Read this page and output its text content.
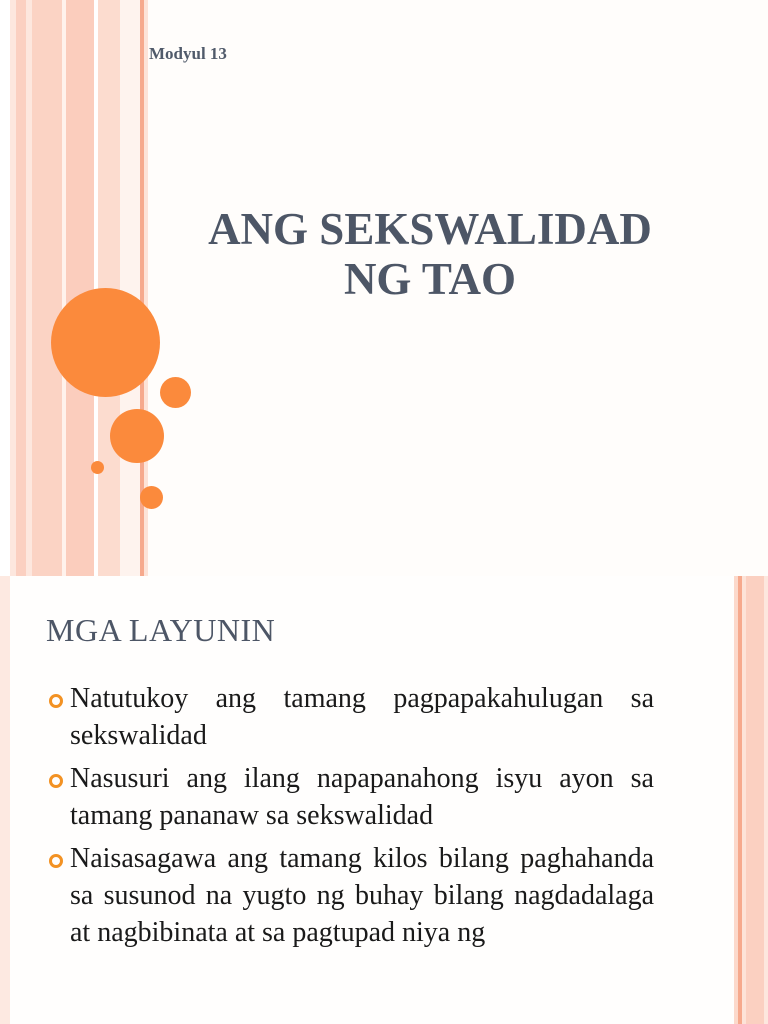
Modyul 13
ANG SEKSWALIDAD
NG TAO
MGA LAYUNIN
Natutukoy ang tamang pagpapakahulugan sa sekswalidad
Nasusuri ang ilang napapanahong isyu ayon sa tamang pananaw sa sekswalidad
Naisasagawa ang tamang kilos bilang paghahanda sa susunod na yugto ng buhay bilang nagdadalaga at nagbibinata at sa pagtupad niya ng
